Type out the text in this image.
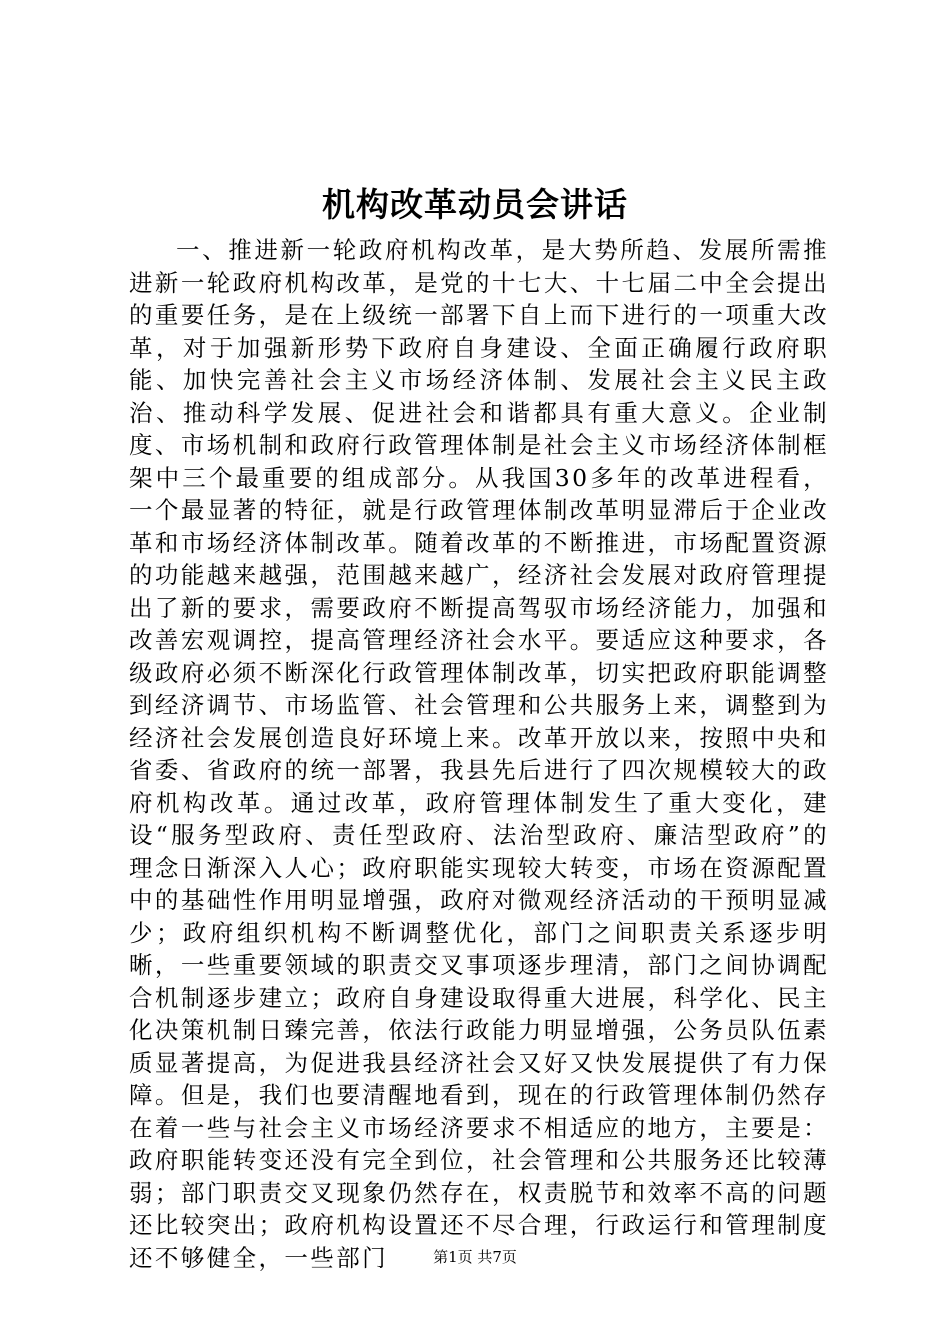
机构改革动员会讲话

一、推进新一轮政府机构改革，是大势所趋、发展所需推进新一轮政府机构改革，是党的十七大、十七届二中全会提出的重要任务，是在上级统一部署下自上而下进行的一项重大改革，对于加强新形势下政府自身建设、全面正确履行政府职能、加快完善社会主义市场经济体制、发展社会主义民主政治、推动科学发展、促进社会和谐都具有重大意义。企业制度、市场机制和政府行政管理体制是社会主义市场经济体制框架中三个最重要的组成部分。从我国30多年的改革进程看，一个最显著的特征，就是行政管理体制改革明显滞后于企业改革和市场经济体制改革。随着改革的不断推进，市场配置资源的功能越来越强，范围越来越广，经济社会发展对政府管理提出了新的要求，需要政府不断提高驾驭市场经济能力，加强和改善宏观调控，提高管理经济社会水平。要适应这种要求，各级政府必须不断深化行政管理体制改革，切实把政府职能调整到经济调节、市场监管、社会管理和公共服务上来，调整到为经济社会发展创造良好环境上来。改革开放以来，按照中央和省委、省政府的统一部署，我县先后进行了四次规模较大的政府机构改革。通过改革，政府管理体制发生了重大变化，建设“服务型政府、责任型政府、法治型政府、廉洁型政府”的理念日渐深入人心；政府职能实现较大转变，市场在资源配置中的基础性作用明显增强，政府对微观经济活动的干预明显减少；政府组织机构不断调整优化，部门之间职责关系逐步明晰，一些重要领域的职责交叉事项逐步理清，部门之间协调配合机制逐步建立；政府自身建设取得重大进展，科学化、民主化决策机制日臻完善，依法行政能力明显增强，公务员队伍素质显著提高，为促进我县经济社会又好又快发展提供了有力保障。但是，我们也要清醒地看到，现在的行政管理体制仍然存在着一些与社会主义市场经济要求不相适应的地方，主要是：政府职能转变还没有完全到位，社会管理和公共服务还比较薄弱；部门职责交叉现象仍然存在，权责脱节和效率不高的问题还比较突出；政府机构设置还不尽合理，行政运行和管理制度还不够健全，一些部门	第1页 共7页
